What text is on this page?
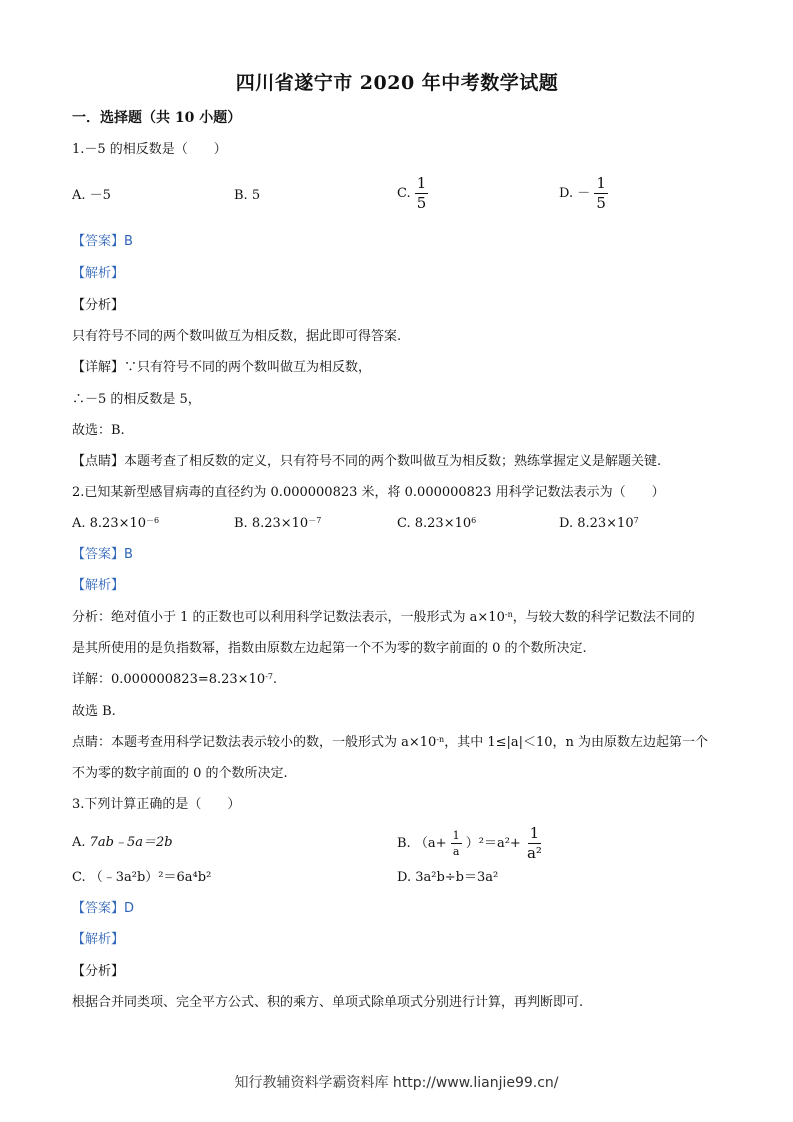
四川省遂宁市 2020 年中考数学试题
一．选择题（共 10 小题）
1.－5 的相反数是（　　）
A. －5	B. 5	C. $\frac{1}{5}$	D. － $\frac{1}{5}$
【答案】B
【解析】
【分析】
只有符号不同的两个数叫做互为相反数，据此即可得答案.
【详解】∵只有符号不同的两个数叫做互为相反数，
∴－5 的相反数是 5，
故选：B.
【点睛】本题考查了相反数的定义，只有符号不同的两个数叫做互为相反数；熟练掌握定义是解题关键.
2.已知某新型感冒病毒的直径约为 0.000000823 米，将 0.000000823 用科学记数法表示为（　　）
A. $8.23\times 10^{-6}$	B. $8.23\times 10^{-7}$	C. $8.23\times 10^6$	D. $8.23\times 10^7$
【答案】B
【解析】
分析：绝对值小于 1 的正数也可以利用科学记数法表示，一般形式为 $a\times 10^{-n}$，与较大数的科学记数法不同的
是其所使用的是负指数幂，指数由原数左边起第一个不为零的数字前面的 0 的个数所决定.
详解：$0.000000823=8.23\times 10^{-7}$.
故选 B.
点睛：本题考查用科学记数法表示较小的数，一般形式为 $a\times 10^{-n}$，其中 1≤|a|＜10，n 为由原数左边起第一个
不为零的数字前面的 0 的个数所决定.
3.下列计算正确的是（　　）
A. 7ab﹣5a＝2b	B. $(a+ \frac{1}{a} )^2=a^2+ \frac{1}{\text{a²}}$
C. （﹣3a²b）²＝6a⁴b²	D. 3a²b÷b＝3a²
【答案】D
【解析】
【分析】
根据合并同类项、完全平方公式、积的乘方、单项式除单项式分别进行计算，再判断即可.
知行教辅资料学霸资料库 http://www.lianjie99.cn/
